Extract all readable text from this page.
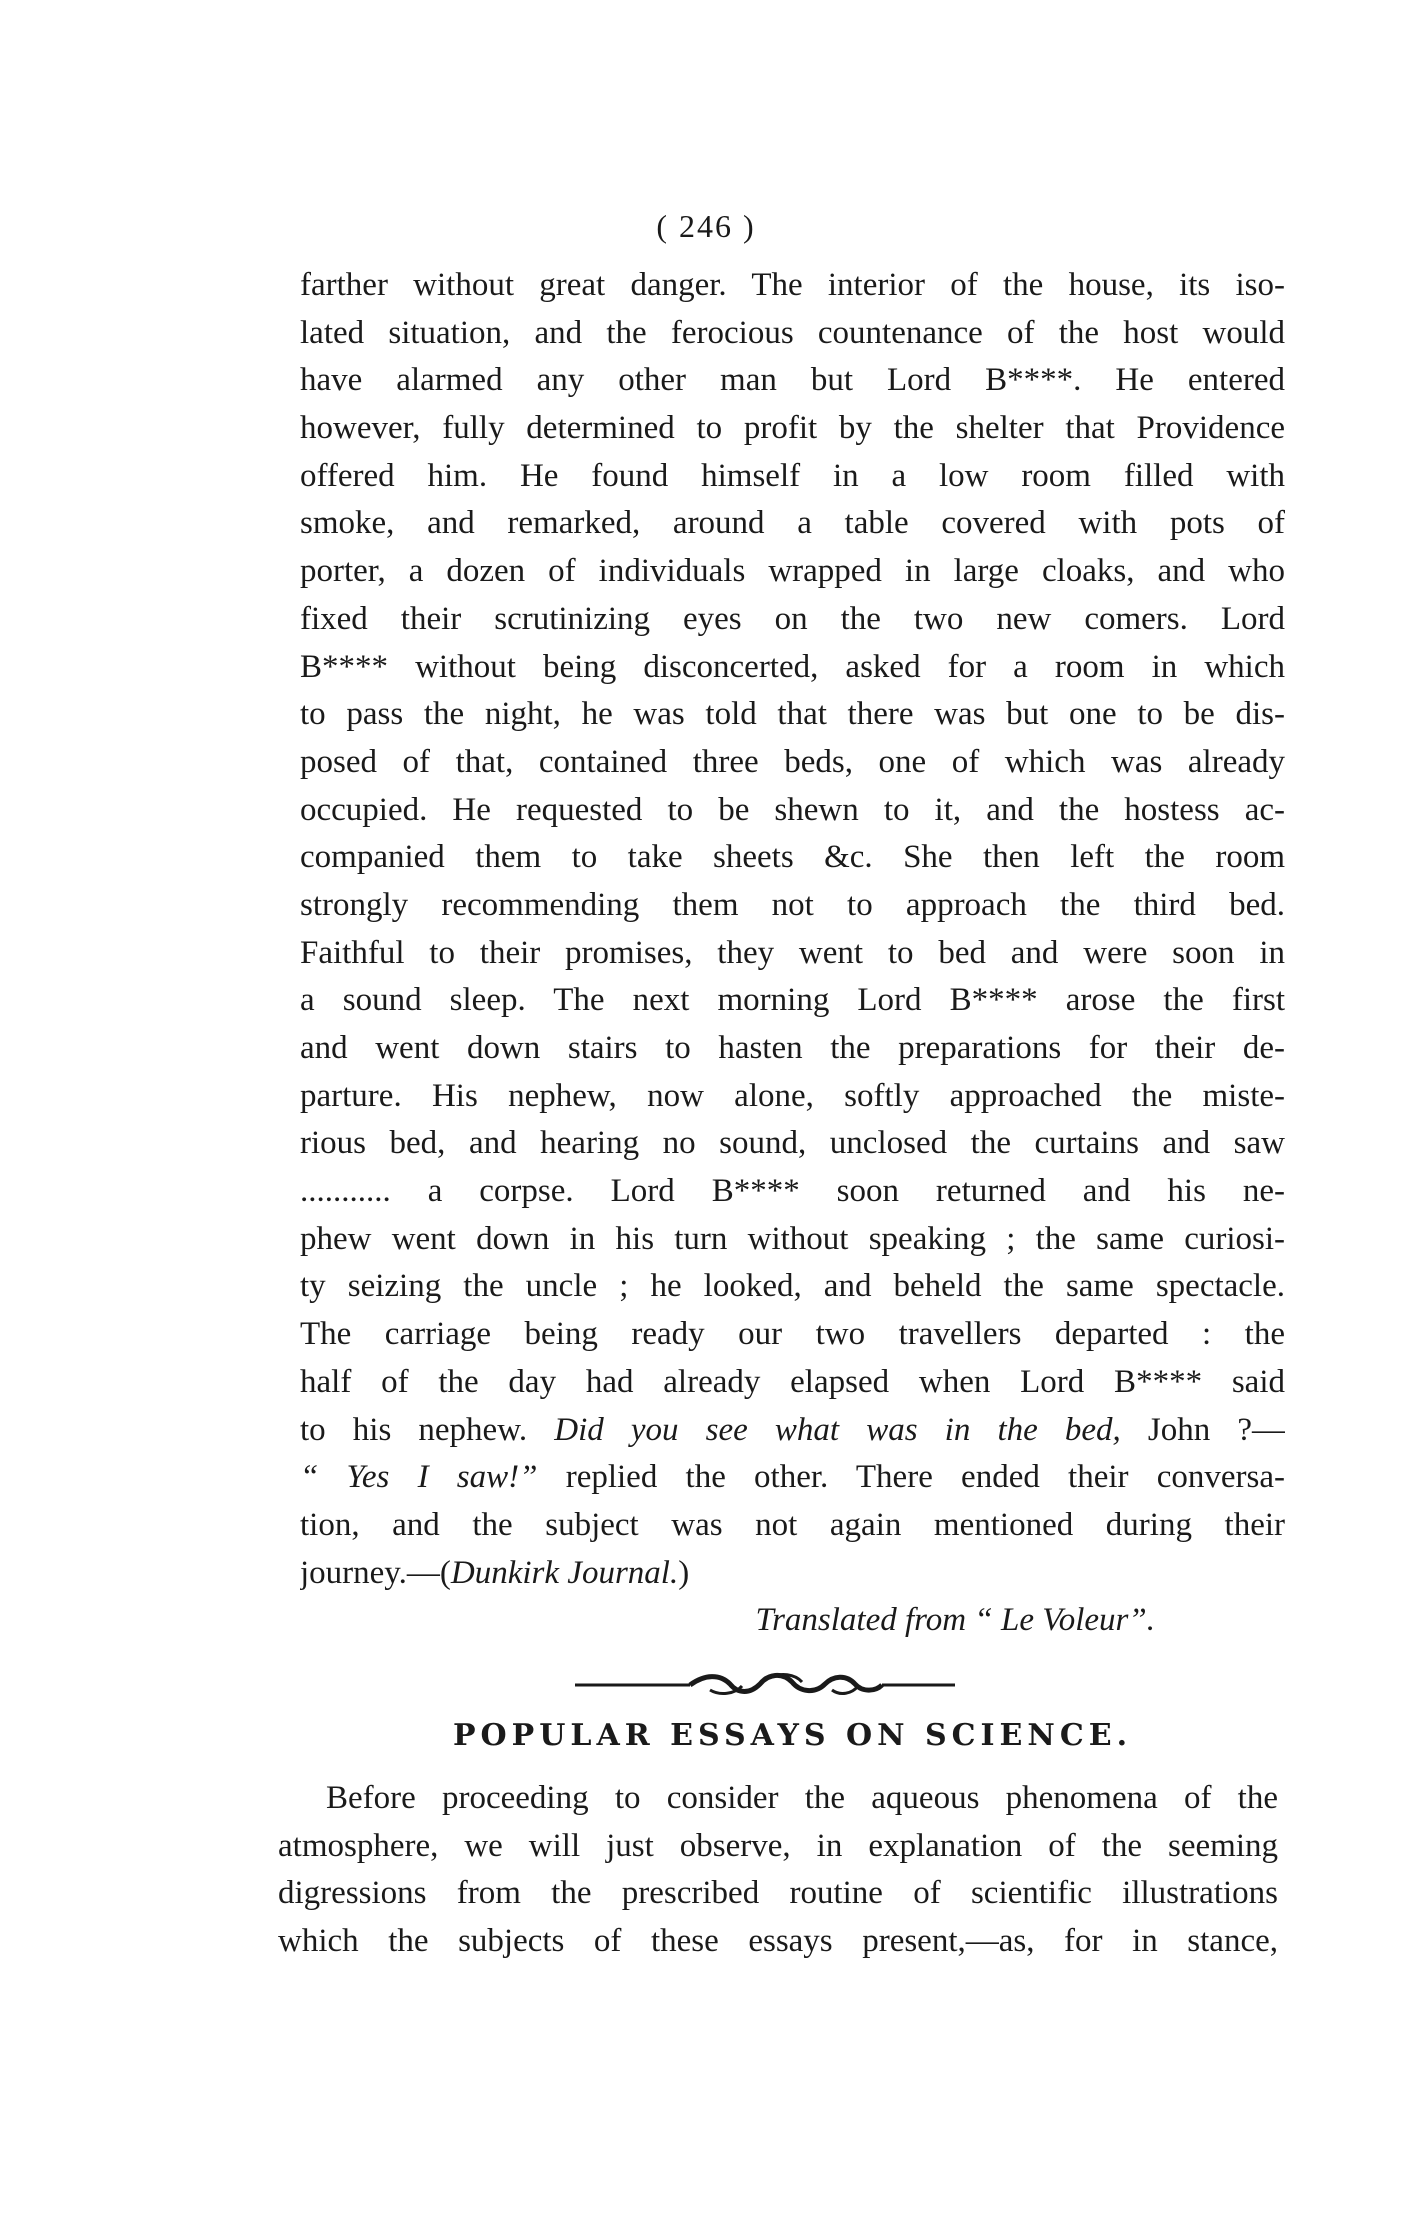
( 246 )
farther without great danger. The interior of the house, its iso-
lated situation, and the ferocious countenance of the host would
have alarmed any other man but Lord B****. He entered
however, fully determined to profit by the shelter that Providence
offered him. He found himself in a low room filled with
smoke, and remarked, around a table covered with pots of
porter, a dozen of individuals wrapped in large cloaks, and who
fixed their scrutinizing eyes on the two new comers. Lord
B**** without being disconcerted, asked for a room in which
to pass the night, he was told that there was but one to be dis-
posed of that, contained three beds, one of which was already
occupied. He requested to be shewn to it, and the hostess ac-
companied them to take sheets &c. She then left the room
strongly recommending them not to approach the third bed.
Faithful to their promises, they went to bed and were soon in
a sound sleep. The next morning Lord B**** arose the first
and went down stairs to hasten the preparations for their de-
parture. His nephew, now alone, softly approached the miste-
rious bed, and hearing no sound, unclosed the curtains and saw
........... a corpse. Lord B**** soon returned and his ne-
phew went down in his turn without speaking ; the same curiosi-
ty seizing the uncle ; he looked, and beheld the same spectacle.
The carriage being ready our two travellers departed : the
half of the day had already elapsed when Lord B**** said
to his nephew. Did you see what was in the bed, John ?—
“ Yes I saw!” replied the other. There ended their conversa-
tion, and the subject was not again mentioned during their
journey.—(Dunkirk Journal.)
Translated from “ Le Voleur”.
POPULAR ESSAYS ON SCIENCE.
Before proceeding to consider the aqueous phenomena of the
atmosphere, we will just observe, in explanation of the seeming
digressions from the prescribed routine of scientific illustrations
which the subjects of these essays present,—as, for in stance,
